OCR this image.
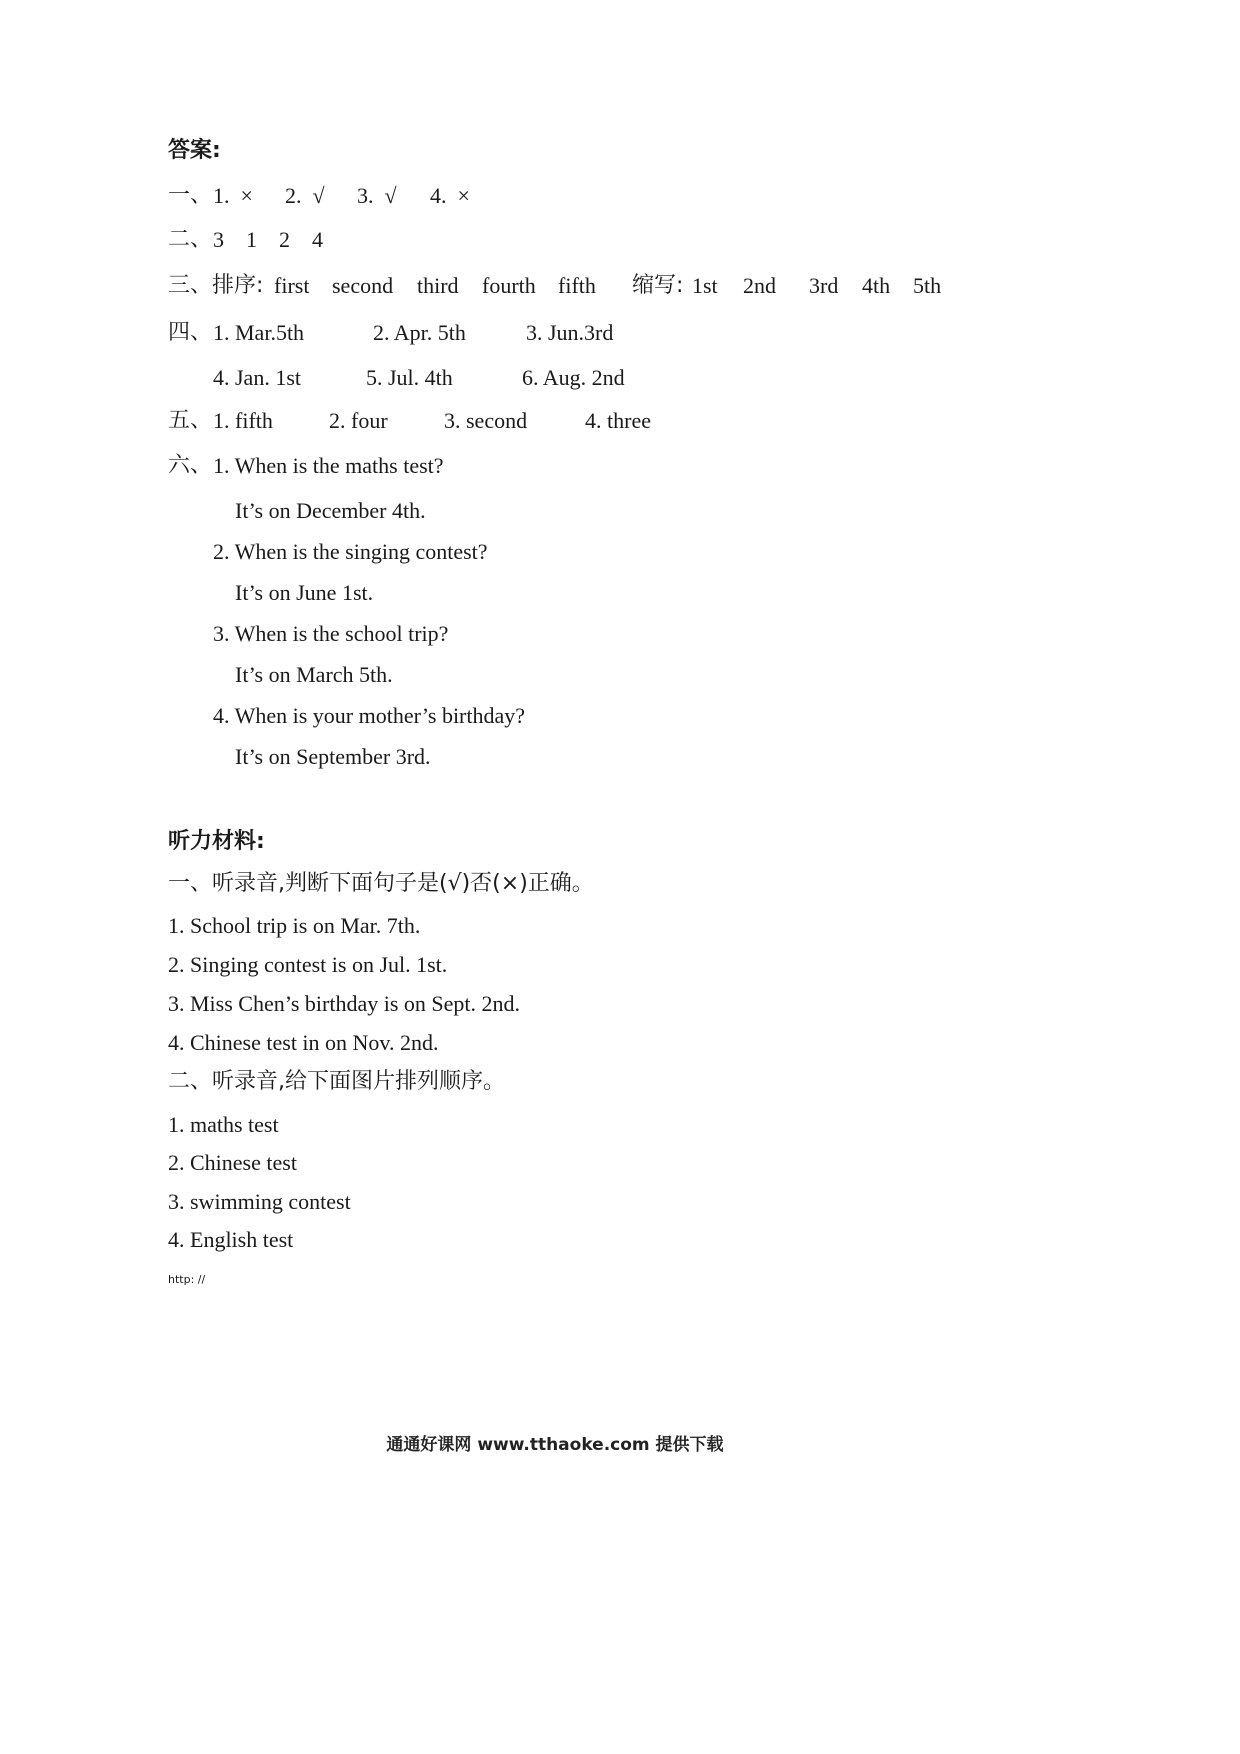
答案:
一、 1.  × 2.  √ 3.  √ 4.  ×
二、 3 1 2 4
三、排序: first second third fourth fifth 缩写: 1st 2nd 3rd 4th 5th
四、 1. Mar.5th	2. Apr. 5th	3. Jun.3rd
4. Jan. 1st	5. Jul. 4th	6. Aug. 2nd
五、 1. fifth	2. four	3. second	4. three
六、 1. When is the maths test?
It’s on December 4th.
2. When is the singing contest?
It’s on June 1st.
3. When is the school trip?
It’s on March 5th.
4. When is your mother’s birthday?
It’s on September 3rd.
听力材料:
一、听录音,判断下面句子是(√)否(×)正确。
1. School trip is on Mar. 7th.
2. Singing contest is on Jul. 1st.
3. Miss Chen’s birthday is on Sept. 2nd.
4. Chinese test in on Nov. 2nd.
二、听录音,给下面图片排列顺序。
1. maths test
2. Chinese test
3. swimming contest
4. English test
http: //
通通好课网 www.tthaoke.com 提供下载
